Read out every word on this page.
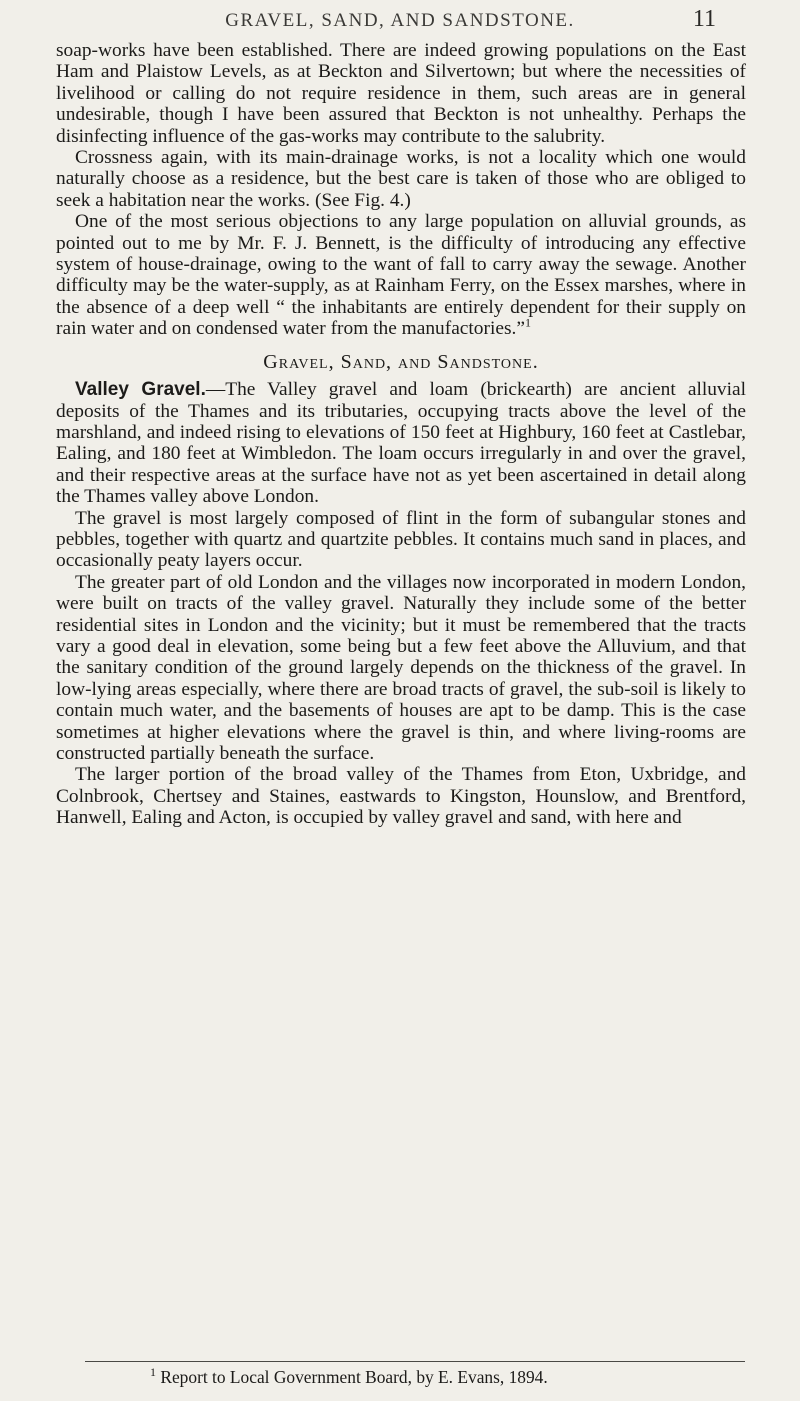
GRAVEL, SAND, AND SANDSTONE.	11

soap-works have been established. There are indeed growing populations on the East Ham and Plaistow Levels, as at Beckton and Silvertown; but where the necessities of livelihood or calling do not require residence in them, such areas are in general undesirable, though I have been assured that Beckton is not unhealthy. Perhaps the disinfecting influence of the gas-works may contribute to the salubrity.

Crossness again, with its main-drainage works, is not a locality which one would naturally choose as a residence, but the best care is taken of those who are obliged to seek a habitation near the works. (See Fig. 4.)

One of the most serious objections to any large population on alluvial grounds, as pointed out to me by Mr. F. J. Bennett, is the difficulty of introducing any effective system of house-drainage, owing to the want of fall to carry away the sewage. Another difficulty may be the water-supply, as at Rainham Ferry, on the Essex marshes, where in the absence of a deep well “ the inhabitants are entirely dependent for their supply on rain water and on condensed water from the manufactories.”$^1$

Gravel, Sand, and Sandstone.

Valley Gravel.—The Valley gravel and loam (brickearth) are ancient alluvial deposits of the Thames and its tributaries, occupying tracts above the level of the marshland, and indeed rising to elevations of 150 feet at Highbury, 160 feet at Castlebar, Ealing, and 180 feet at Wimbledon. The loam occurs irregularly in and over the gravel, and their respective areas at the surface have not as yet been ascertained in detail along the Thames valley above London.

The gravel is most largely composed of flint in the form of subangular stones and pebbles, together with quartz and quartzite pebbles. It contains much sand in places, and occasionally peaty layers occur.

The greater part of old London and the villages now incorporated in modern London, were built on tracts of the valley gravel. Naturally they include some of the better residential sites in London and the vicinity; but it must be remembered that the tracts vary a good deal in elevation, some being but a few feet above the Alluvium, and that the sanitary condition of the ground largely depends on the thickness of the gravel. In low-lying areas especially, where there are broad tracts of gravel, the sub-soil is likely to contain much water, and the basements of houses are apt to be damp. This is the case sometimes at higher elevations where the gravel is thin, and where living-rooms are constructed partially beneath the surface.

The larger portion of the broad valley of the Thames from Eton, Uxbridge, and Colnbrook, Chertsey and Staines, eastwards to Kingston, Hounslow, and Brentford, Hanwell, Ealing and Acton, is occupied by valley gravel and sand, with here and

$^1$ Report to Local Government Board, by E. Evans, 1894.
